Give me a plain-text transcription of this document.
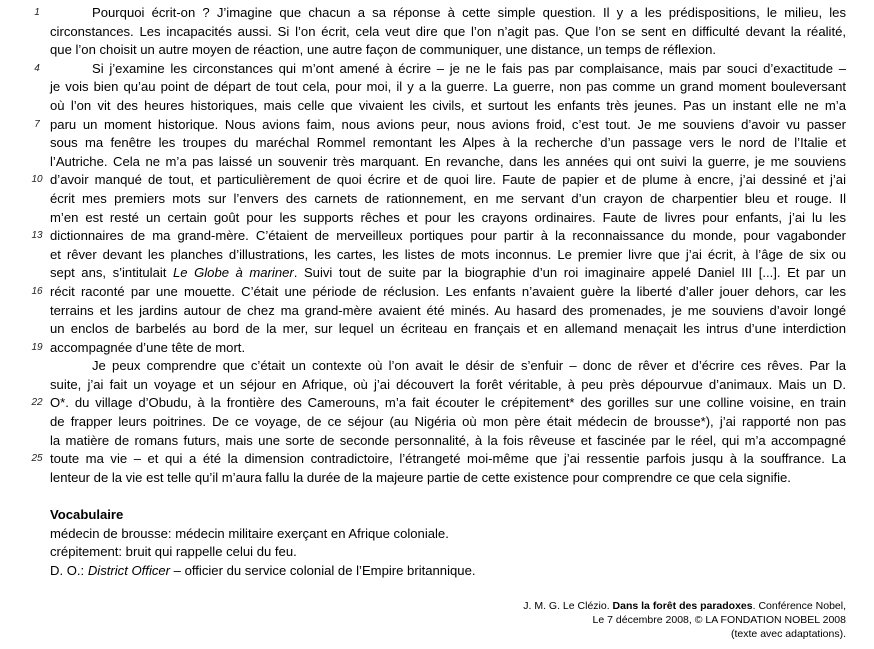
1	Pourquoi écrit-on ? J’imagine que chacun a sa réponse à cette simple question. Il y a les prédispositions, le milieu, les
circonstances. Les incapacités aussi. Si l’on écrit, cela veut dire que l’on n’agit pas. Que l’on se sent en difficulté devant la réalité,
que l’on choisit un autre moyen de réaction, une autre façon de communiquer, une distance, un temps de réflexion.
4	Si j’examine les circonstances qui m’ont amené à écrire – je ne le fais pas par complaisance, mais par souci d’exactitude –
je vois bien qu’au point de départ de tout cela, pour moi, il y a la guerre. La guerre, non pas comme un grand moment bouleversant
où l’on vit des heures historiques, mais celle que vivaient les civils, et surtout les enfants très jeunes. Pas un instant elle ne m’a
7 paru un moment historique. Nous avions faim, nous avions peur, nous avions froid, c’est tout. Je me souviens d’avoir vu passer
sous ma fenêtre les troupes du maréchal Rommel remontant les Alpes à la recherche d’un passage vers le nord de l’Italie et
l’Autriche. Cela ne m’a pas laissé un souvenir très marquant. En revanche, dans les années qui ont suivi la guerre, je me souviens
10 d’avoir manqué de tout, et particulièrement de quoi écrire et de quoi lire. Faute de papier et de plume à encre, j’ai dessiné et j’ai
écrit mes premiers mots sur l’envers des carnets de rationnement, en me servant d’un crayon de charpentier bleu et rouge. Il
m’en est resté un certain goût pour les supports rêches et pour les crayons ordinaires. Faute de livres pour enfants, j’ai lu les
13 dictionnaires de ma grand-mère. C’étaient de merveilleux portiques pour partir à la reconnaissance du monde, pour vagabonder
et rêver devant les planches d’illustrations, les cartes, les listes de mots inconnus. Le premier livre que j’ai écrit, à l’âge de six ou
sept ans, s’intitulait Le Globe à mariner. Suivi tout de suite par la biographie d’un roi imaginaire appelé Daniel III [...]. Et par un
16 récit raconté par une mouette. C’était une période de réclusion. Les enfants n’avaient guère la liberté d’aller jouer dehors, car les
terrains et les jardins autour de chez ma grand-mère avaient été minés. Au hasard des promenades, je me souviens d’avoir longé
un enclos de barbelés au bord de la mer, sur lequel un écriteau en français et en allemand menaçait les intrus d’une interdiction
19 accompagnée d’une tête de mort.
Je peux comprendre que c’était un contexte où l’on avait le désir de s’enfuir – donc de rêver et d’écrire ces rêves. Par la
suite, j’ai fait un voyage et un séjour en Afrique, où j’ai découvert la forêt véritable, à peu près dépourvue d’animaux. Mais un D.
22 O*. du village d’Obudu, à la frontière des Camerouns, m’a fait écouter le crépitement* des gorilles sur une colline voisine, en train
de frapper leurs poitrines. De ce voyage, de ce séjour (au Nigéria où mon père était médecin de brousse*), j’ai rapporté non pas
la matière de romans futurs, mais une sorte de seconde personnalité, à la fois rêveuse et fascinée par le réel, qui m’a accompagné
25 toute ma vie – et qui a été la dimension contradictoire, l’étrangeté moi-même que j’ai ressentie parfois jusqu à la souffrance. La
lenteur de la vie est telle qu’il m’aura fallu la durée de la majeure partie de cette existence pour comprendre ce que cela signifie.
Vocabulaire
médecin de brousse: médecin militaire exerçant en Afrique coloniale.
crépitement: bruit qui rappelle celui du feu.
D. O.: District Officer – officier du service colonial de l’Empire britannique.
J. M. G. Le Clézio. Dans la forêt des paradoxes. Conférence Nobel,
Le 7 décembre 2008, © LA FONDATION NOBEL 2008
(texte avec adaptations).
